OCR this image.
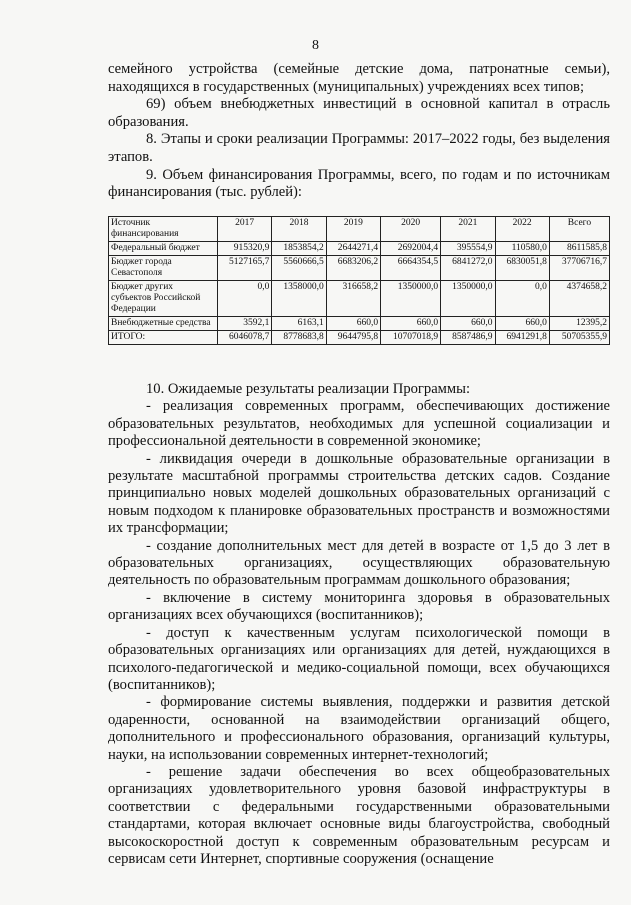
8

семейного устройства (семейные детские дома, патронатные семьи), находящихся в государственных (муниципальных) учреждениях всех типов;

69) объем внебюджетных инвестиций в основной капитал в отрасль образования.

8. Этапы и сроки реализации Программы: 2017–2022 годы, без выделения этапов.

9. Объем финансирования Программы, всего, по годам и по источникам финансирования (тыс. рублей):

Источник финансирования	2017	2018	2019	2020	2021	2022	Всего
Федеральный бюджет	915320,9	1853854,2	2644271,4	2692004,4	395554,9	110580,0	8611585,8
Бюджет города Севастополя	5127165,7	5560666,5	6683206,2	6664354,5	6841272,0	6830051,8	37706716,7
Бюджет других субъектов Российской Федерации	0,0	1358000,0	316658,2	1350000,0	1350000,0	0,0	4374658,2
Внебюджетные средства	3592,1	6163,1	660,0	660,0	660,0	660,0	12395,2
ИТОГО:	6046078,7	8778683,8	9644795,8	10707018,9	8587486,9	6941291,8	50705355,9

10. Ожидаемые результаты реализации Программы:

- реализация современных программ, обеспечивающих достижение образовательных результатов, необходимых для успешной социализации и профессиональной деятельности в современной экономике;

- ликвидация очереди в дошкольные образовательные организации в результате масштабной программы строительства детских садов. Создание принципиально новых моделей дошкольных образовательных организаций с новым подходом к планировке образовательных пространств и возможностями их трансформации;

- создание дополнительных мест для детей в возрасте от 1,5 до 3 лет в образовательных организациях, осуществляющих образовательную деятельность по образовательным программам дошкольного образования;

- включение в систему мониторинга здоровья в образовательных организациях всех обучающихся (воспитанников);

- доступ к качественным услугам психологической помощи в образовательных организациях или организациях для детей, нуждающихся в психолого-педагогической и медико-социальной помощи, всех обучающихся (воспитанников);

- формирование системы выявления, поддержки и развития детской одаренности, основанной на взаимодействии организаций общего, дополнительного и профессионального образования, организаций культуры, науки, на использовании современных интернет-технологий;

- решение задачи обеспечения во всех общеобразовательных организациях удовлетворительного уровня базовой инфраструктуры в соответствии с федеральными государственными образовательными стандартами, которая включает основные виды благоустройства, свободный высокоскоростной доступ к современным образовательным ресурсам и сервисам сети Интернет, спортивные сооружения (оснащение
